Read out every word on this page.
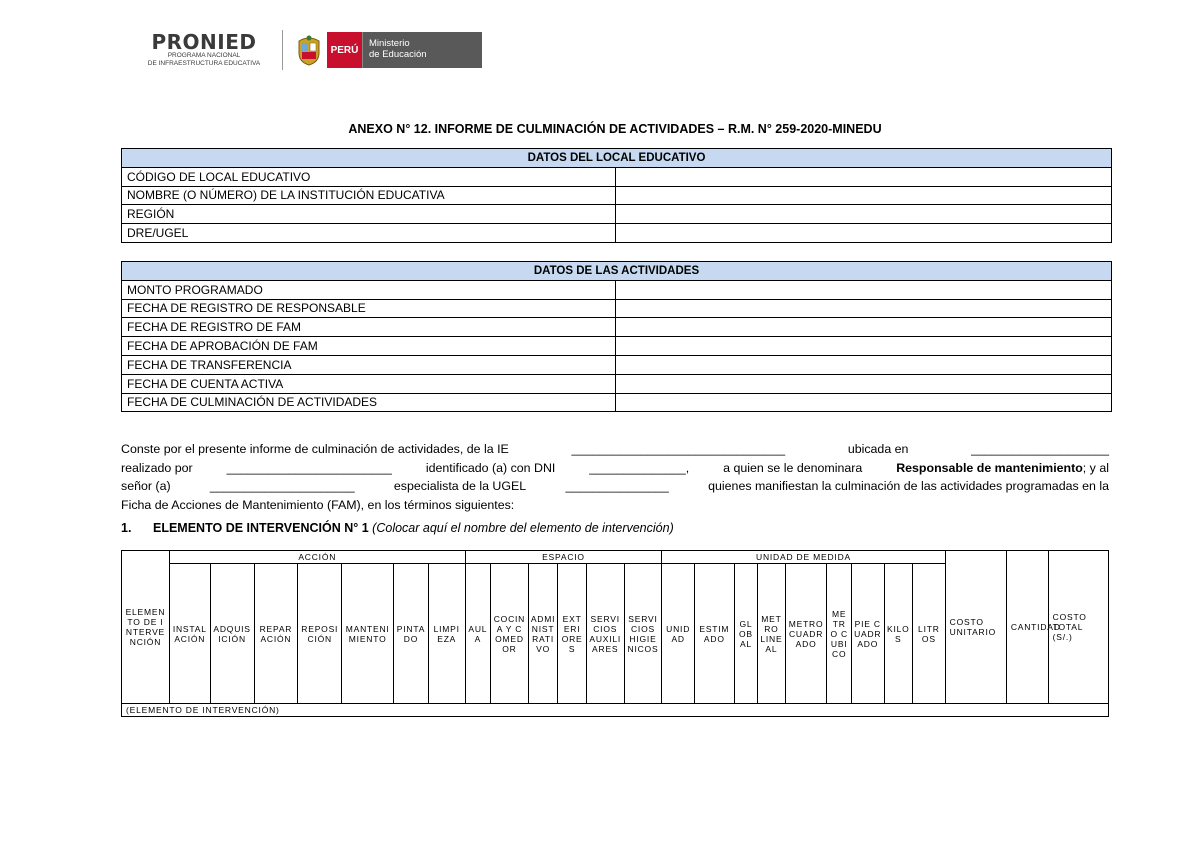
PRONIED
PROGRAMA NACIONAL
DE INFRAESTRUCTURA EDUCATIVA
PERÚ
Ministerio
de Educación
ANEXO N° 12. INFORME DE CULMINACIÓN DE ACTIVIDADES – R.M. N° 259-2020-MINEDU
DATOS DEL LOCAL EDUCATIVO	
CÓDIGO DE LOCAL EDUCATIVO	
NOMBRE (O NÚMERO) DE LA INSTITUCIÓN EDUCATIVA	
REGIÓN	
DRE/UGEL	
DATOS DE LAS ACTIVIDADES	
MONTO PROGRAMADO	
FECHA DE REGISTRO DE RESPONSABLE	
FECHA DE REGISTRO DE FAM	
FECHA DE APROBACIÓN DE FAM	
FECHA DE TRANSFERENCIA	
FECHA DE CUENTA ACTIVA	
FECHA DE CULMINACIÓN DE ACTIVIDADES	
Conste por el presente informe de culminación de actividades, de la IE	_______________________________	ubicada en	____________________
realizado por	________________________	identificado (a) con DNI	______________,	a quien se le denominara	Responsable de mantenimiento; y al
señor (a)	_____________________	especialista de la UGEL	_______________	quienes manifiestan la culminación de las actividades programadas en la
Ficha de Acciones de Mantenimiento (FAM), en los términos siguientes:
1. ELEMENTO DE INTERVENCIÓN N° 1 (Colocar aquí el nombre del elemento de intervención)
ELEMENTO DE INTERVENCIÓN	ACCIÓN							ESPACIO						UNIDAD DE MEDIDA									COSTO UNITARIO	CANTIDAD	COSTO TOTAL (S/.)
	INSTALACIÓN	ADQUISICIÓN	REPARACIÓN	REPOSICIÓN	MANTENIMIENTO	PINTADO	LIMPIEZA	AULA	COCINA Y COMEDOR	ADMINISTRATIVO	EXTERIORES	SERVICIOS AUXILIARES	SERVICIOS HIGIENICOS	UNIDAD	ESTIMADO	GLOBAL	METRO LINEAL	METRO CUADRADO	METRO CUBICO	PIE CUADRADO	KILOS	LITROS			
(ELEMENTO DE INTERVENCIÓN)																									
